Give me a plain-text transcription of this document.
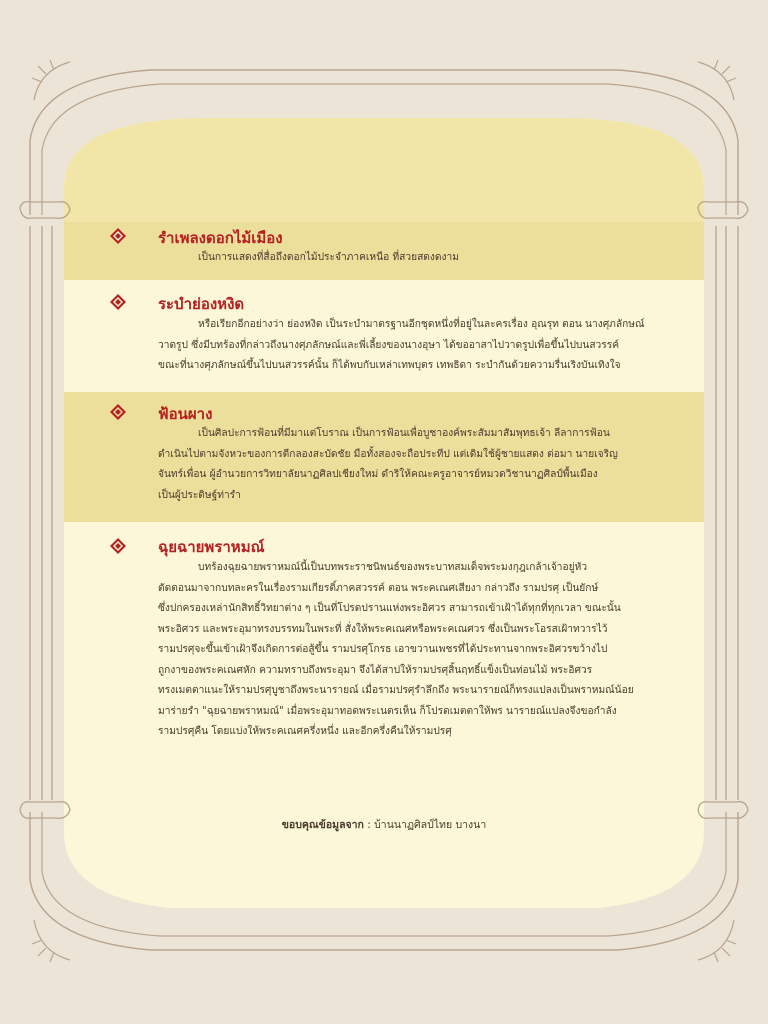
รำเพลงดอกไม้เมือง
เป็นการแสดงที่สื่อถึงดอกไม้ประจำภาคเหนือ ที่สวยสดงดงาม
ระบำย่องหงิด
หรือเรียกอีกอย่างว่า ย่องหงิด เป็นระบำมาตรฐานอีกชุดหนึ่งที่อยู่ในละครเรื่อง อุณรุท ตอน นางศุภลักษณ์
วาดรูป ซึ่งมีบทร้องที่กล่าวถึงนางศุภลักษณ์และพี่เลี้ยงของนางอุษา ได้ขออาสาไปวาดรูปเพื่อขึ้นไปบนสวรรค์
ขณะที่นางศุภลักษณ์ขึ้นไปบนสวรรค์นั้น ก็ได้พบกับเหล่าเทพบุตร เทพธิดา ระบำกันด้วยความรื่นเริงบันเทิงใจ
ฟ้อนผาง
เป็นศิลปะการฟ้อนที่มีมาแต่โบราณ เป็นการฟ้อนเพื่อบูชาองค์พระสัมมาสัมพุทธเจ้า ลีลาการฟ้อน
ดำเนินไปตามจังหวะของการตีกลองสะบัดชัย มือทั้งสองจะถือประทีป แต่เดิมใช้ผู้ชายแสดง ต่อมา นายเจริญ
จันทร์เพื่อน ผู้อำนวยการวิทยาลัยนาฏศิลปเชียงใหม่ ดำริให้คณะครูอาจารย์หมวดวิชานาฏศิลป์พื้นเมือง
เป็นผู้ประดิษฐ์ท่ารำ
ฉุยฉายพราหมณ์
บทร้องฉุยฉายพราหมณ์นี้เป็นบทพระราชนิพนธ์ของพระบาทสมเด็จพระมงกุฎเกล้าเจ้าอยู่หัว
ตัดตอนมาจากบทละครในเรื่องรามเกียรติ์ภาคสวรรค์ ตอน พระคเณศเสียงา กล่าวถึง รามปรศุ เป็นยักษ์
ซึ่งปกครองเหล่านักสิทธิ์วิทยาต่าง ๆ เป็นที่โปรดปรานแห่งพระอิศวร สามารถเข้าเฝ้าได้ทุกที่ทุกเวลา ขณะนั้น
พระอิศวร และพระอุมาทรงบรรทมในพระที่ สั่งให้พระคเณศหรือพระคเณศวร ซึ่งเป็นพระโอรสเฝ้าทวารไว้
รามปรศุจะขึ้นเข้าเฝ้าจึงเกิดการต่อสู้ขึ้น รามปรศุโกรธ เอาขวานเพชรที่ได้ประทานจากพระอิศวรขว้างไป
ถูกงาของพระคเณศหัก ความทราบถึงพระอุมา จึงได้สาปให้รามปรศุสิ้นฤทธิ์แข็งเป็นท่อนไม้ พระอิศวร
ทรงเมตตาแนะให้รามปรศุบูชาถึงพระนารายณ์ เมื่อรามปรศุรำลึกถึง พระนารายณ์ก็ทรงแปลงเป็นพราหมณ์น้อย
มาร่ายรำ "ฉุยฉายพราหมณ์" เมื่อพระอุมาทอดพระเนตรเห็น ก็โปรดเมตตาให้พร นารายณ์แปลงจึงขอกำลัง
รามปรศุคืน โดยแบ่งให้พระคเณศครึ่งหนึ่ง และอีกครึ่งคืนให้รามปรศุ
ขอบคุณข้อมูลจาก : บ้านนาฏศิลป์ไทย บางนา
